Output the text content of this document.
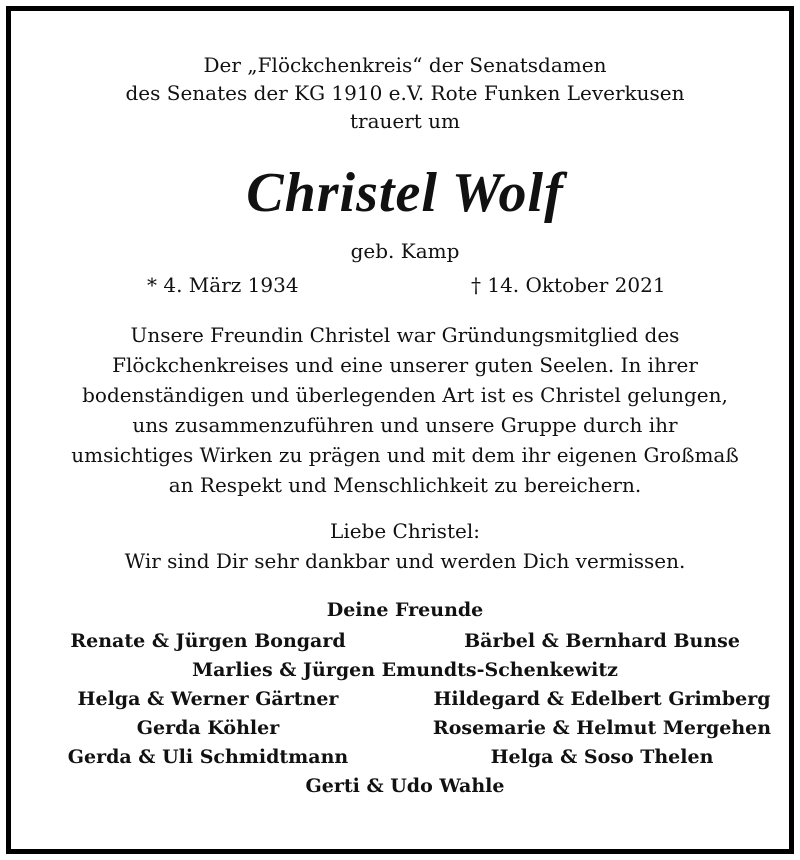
Der „Flöckchenkreis“ der Senatsdamen
des Senates der KG 1910 e.V. Rote Funken Leverkusen
trauert um
Christel Wolf
geb. Kamp
* 4. März 1934	† 14. Oktober 2021
Unsere Freundin Christel war Gründungsmitglied des
Flöckchenkreises und eine unserer guten Seelen. In ihrer
bodenständigen und überlegenden Art ist es Christel gelungen,
uns zusammenzuführen und unsere Gruppe durch ihr
umsichtiges Wirken zu prägen und mit dem ihr eigenen Großmaß
an Respekt und Menschlichkeit zu bereichern.
Liebe Christel:
Wir sind Dir sehr dankbar und werden Dich vermissen.
Deine Freunde
Renate & Jürgen Bongard	Bärbel & Bernhard Bunse
Marlies & Jürgen Emundts-Schenkewitz
Helga & Werner Gärtner	Hildegard & Edelbert Grimberg
Gerda Köhler	Rosemarie & Helmut Mergehen
Gerda & Uli Schmidtmann	Helga & Soso Thelen
Gerti & Udo Wahle
